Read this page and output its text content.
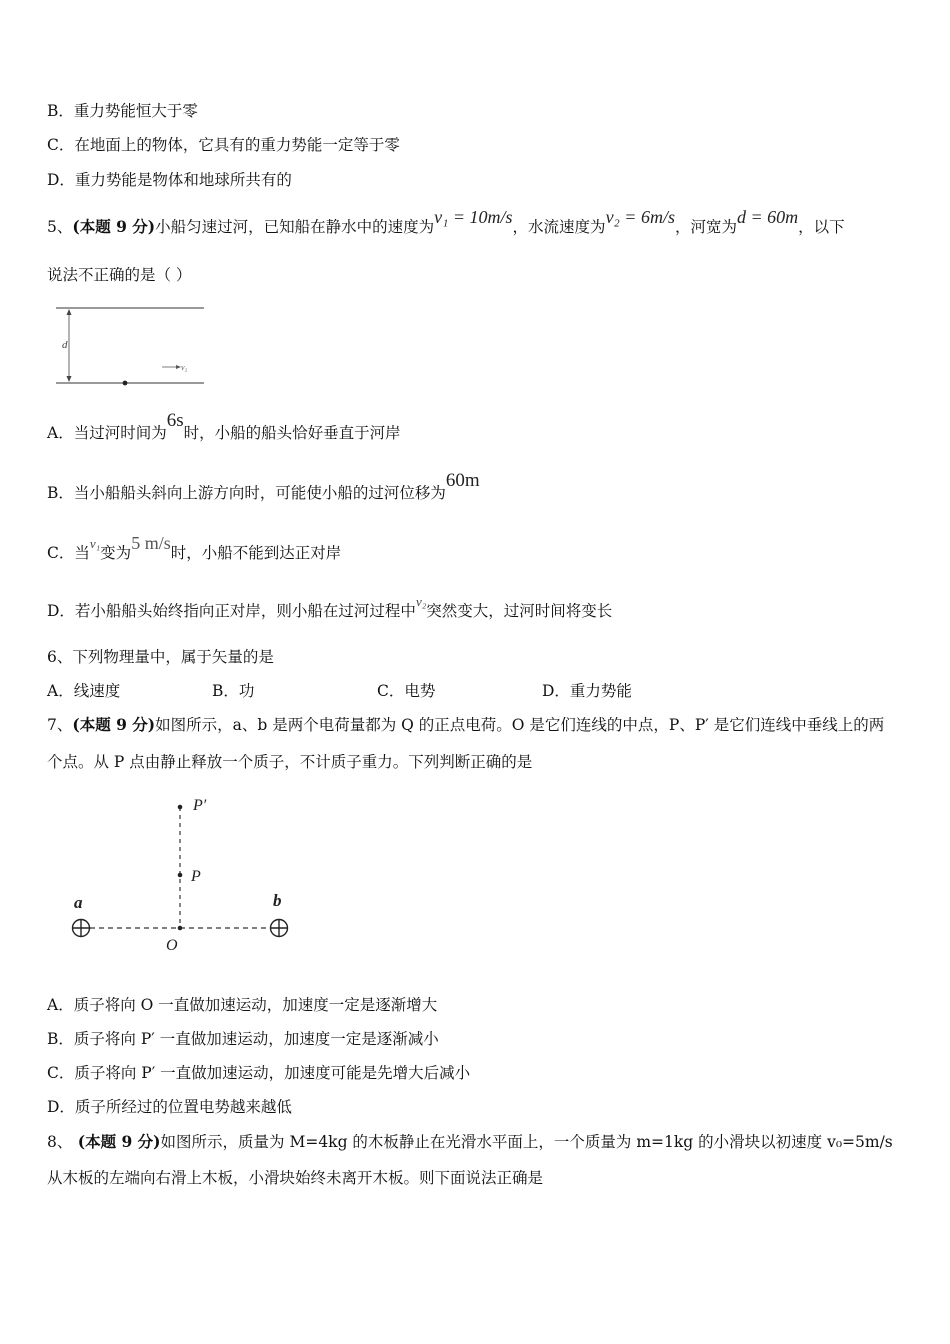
B．重力势能恒大于零
C．在地面上的物体，它具有的重力势能一定等于零
D．重力势能是物体和地球所共有的
5、(本题 9 分)小船匀速过河，已知船在静水中的速度为v₁ = 10m/s，水流速度为v₂ = 6m/s，河宽为d = 60m，以下
说法不正确的是（ ）
d
v₂
A．当过河时间为6s时，小船的船头恰好垂直于河岸
B．当小船船头斜向上游方向时，可能使小船的过河位移为60m
C．当$^{v_1}$变为5 m/s时，小船不能到达正对岸
D．若小船船头始终指向正对岸，则小船在过河过程中$^{v_2}$突然变大，过河时间将变长
6、下列物理量中，属于矢量的是
A．线速度	B．功	C．电势	D．重力势能
7、(本题 9 分)如图所示，a、b 是两个电荷量都为 Q 的正点电荷。O 是它们连线的中点，P、P′ 是它们连线中垂线上的两
个点。从 P 点由静止释放一个质子，不计质子重力。下列判断正确的是
P′
P
O
a	b
A．质子将向 O 一直做加速运动，加速度一定是逐渐增大
B．质子将向 P′ 一直做加速运动，加速度一定是逐渐减小
C．质子将向 P′ 一直做加速运动，加速度可能是先增大后减小
D．质子所经过的位置电势越来越低
8、 (本题 9 分)如图所示，质量为 M=4kg 的木板静止在光滑水平面上，一个质量为 m=1kg 的小滑块以初速度 v₀=5m/s
从木板的左端向右滑上木板，小滑块始终未离开木板。则下面说法正确是
